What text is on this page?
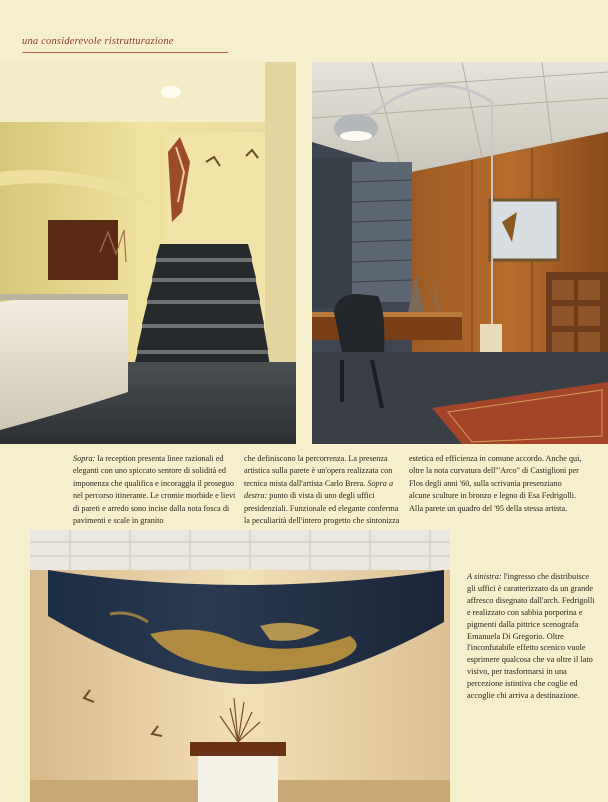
una considerevole ristrutturazione

Sopra: la reception presenta linee razionali ed eleganti con uno spiccato sentore di solidità ed imponenza che qualifica e incoraggia il proseguo nel percorso itinerante. Le cromie morbide e lievi di pareti e arredo sono incise dalla nota fosca di pavimenti e scale in granito

che definiscono la percorrenza. La presenza artistica sulla parete è un'opera realizzata con tecnica mista dall'artista Carlo Brera. Sopra a destra: punto di vista di uno degli uffici presidenziali. Funzionale ed elegante conferma la peculiarità dell'intero progetto che sintonizza

estetica ed efficienza in comune accordo. Anche qui, oltre la nota curvatura dell'"Arco" di Castiglioni per Flos degli anni '60, sulla scrivania presenziano alcune sculture in bronzo e legno di Esa Fedrigolli. Alla parete un quadro del '95 della stessa artista.

A sinistra: l'ingresso che distribuisce gli uffici è caratterizzato da un grande affresco disegnato dall'arch. Fedrigolli e realizzato con sabbia porporina e pigmenti dalla pittrice scenografa Emanuela Di Gregorio. Oltre l'inconfutabile effetto scenico vuole esprimere qualcosa che va oltre il lato visivo, per trasformarsi in una percezione istintiva che coglie ed accoglie chi arriva a destinazione.
